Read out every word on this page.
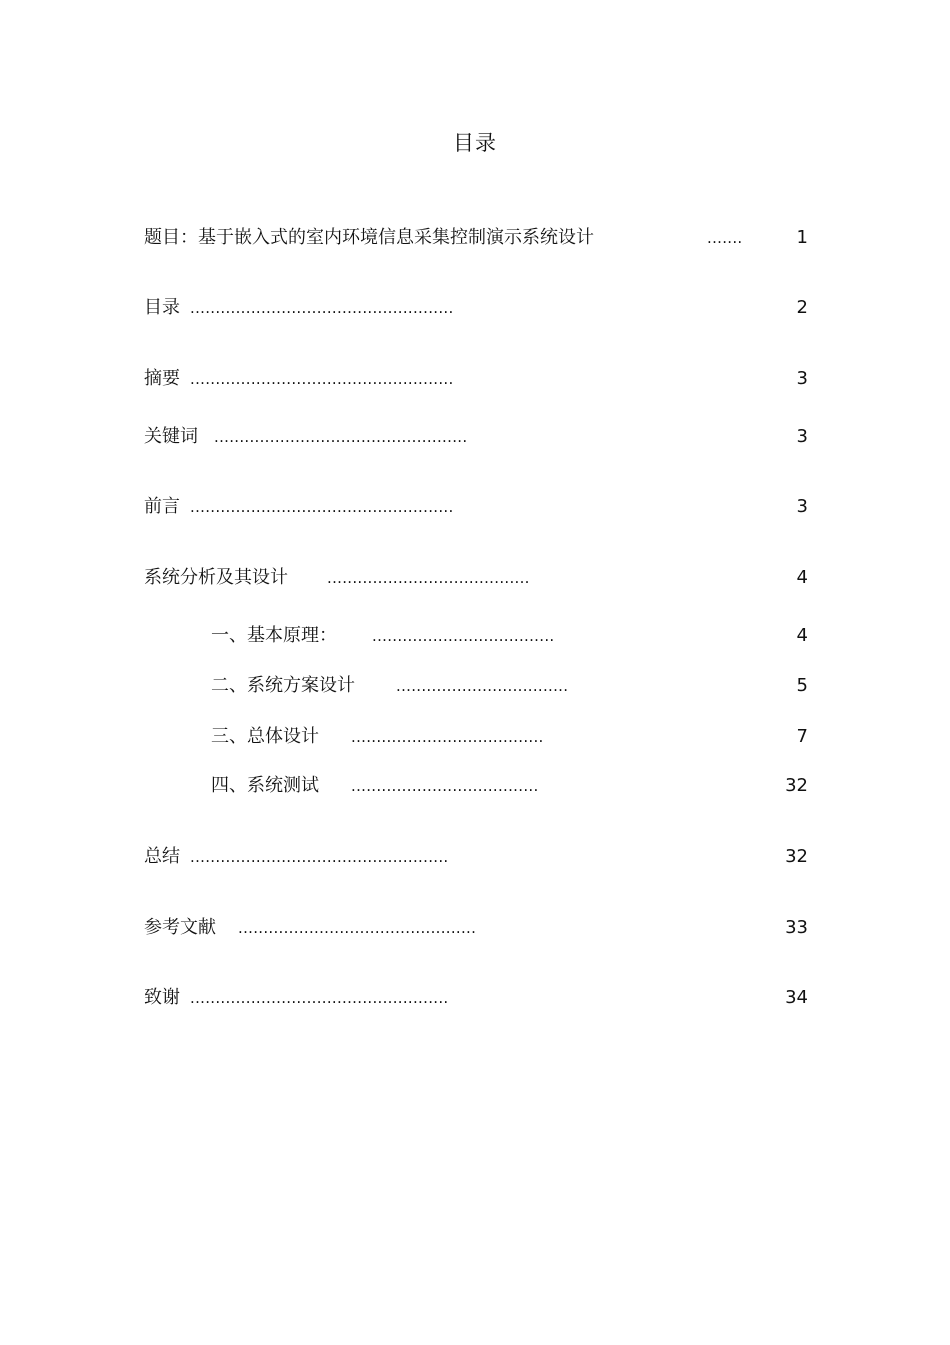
目录
题目：基于嵌入式的室内环境信息采集控制演示系统设计	.......	1
目录 ....................................................	2
摘要 ....................................................	3
关键词 ..................................................	3
前言 ....................................................	3
系统分析及其设计	........................................	4
一、基本原理： ....................................	4
二、系统方案设计	..................................	5
三、总体设计 ......................................	7
四、系统测试 .....................................	32
总结 ...................................................	32
参考文献 ...............................................	33
致谢 ...................................................	34
